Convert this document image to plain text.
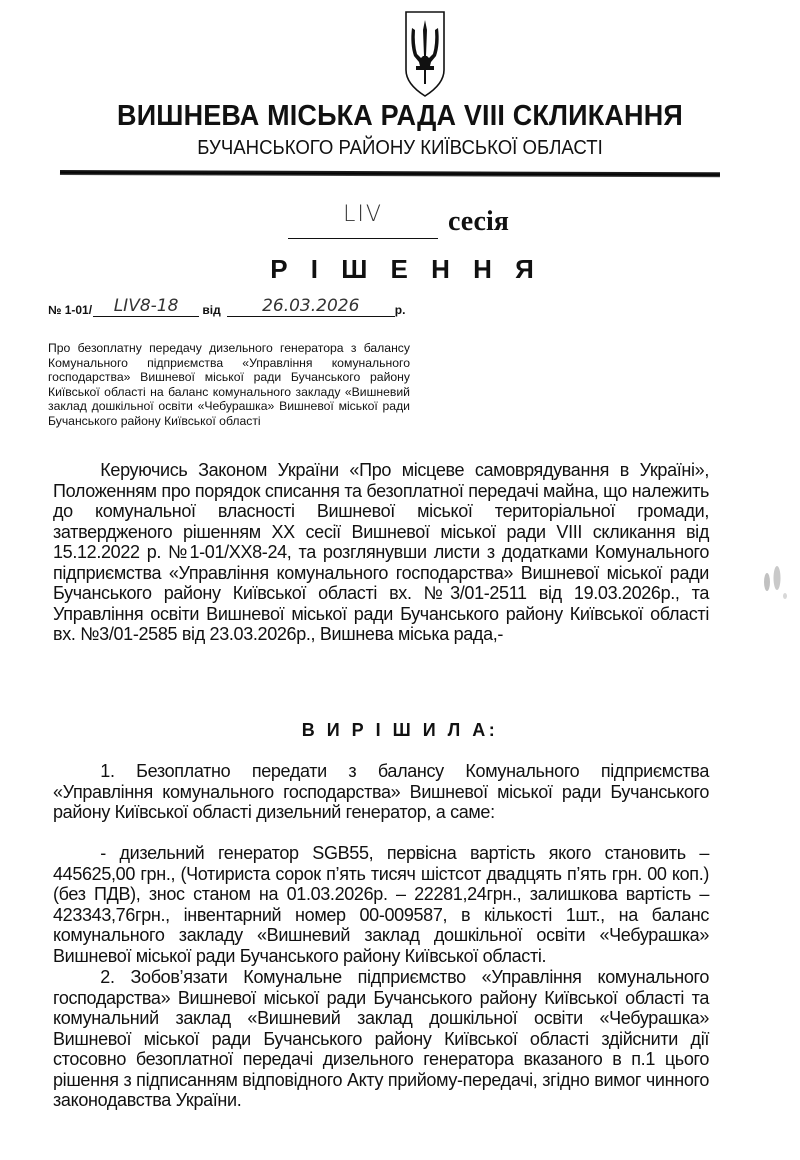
ВИШНЕВА МІСЬКА РАДА VIII СКЛИКАННЯ
БУЧАНСЬКОГО РАЙОНУ КИЇВСЬКОЇ ОБЛАСТІ
LIV	сесія
Р І Ш Е Н Н Я
№ 1-01/ LIV8-18 від 26.03.2026	р.
Про безоплатну передачу дизельного генератора з балансу Комунального підприємства «Управління комунального господарства» Вишневої міської ради Бучанського району Київської області на баланс комунального закладу «Вишневий заклад дошкільної освіти «Чебурашка» Вишневої міської ради Бучанського району Київської області
Керуючись Законом України «Про місцеве самоврядування в Україні», Положенням про порядок списання та безоплатної передачі майна, що належить до комунальної власності Вишневої міської територіальної громади, затвердженого рішенням XX сесії Вишневої міської ради VIII скликання від 15.12.2022 р. №1-01/XX8-24, та розглянувши листи з додатками Комунального підприємства «Управління комунального господарства» Вишневої міської ради Бучанського району Київської області вх. №3/01-2511 від 19.03.2026р., та Управління освіти Вишневої міської ради Бучанського району Київської області вх. №3/01-2585 від 23.03.2026р., Вишнева міська рада,-
В И Р І Ш И Л А:
1. Безоплатно передати з балансу Комунального підприємства «Управління комунального господарства» Вишневої міської ради Бучанського району Київської області дизельний генератор, а саме:
- дизельний генератор SGB55, первісна вартість якого становить – 445625,00 грн., (Чотириста сорок п’ять тисяч шістсот двадцять п’ять грн. 00 коп.) (без ПДВ), знос станом на 01.03.2026р. – 22281,24грн., залишкова вартість – 423343,76грн., інвентарний номер 00-009587, в кількості 1шт., на баланс комунального закладу «Вишневий заклад дошкільної освіти «Чебурашка» Вишневої міської ради Бучанського району Київської області.
2. Зобов’язати Комунальне підприємство «Управління комунального господарства» Вишневої міської ради Бучанського району Київської області та комунальний заклад «Вишневий заклад дошкільної освіти «Чебурашка» Вишневої міської ради Бучанського району Київської області здійснити дії стосовно безоплатної передачі дизельного генератора вказаного в п.1 цього рішення з підписанням відповідного Акту прийому-передачі, згідно вимог чинного законодавства України.
